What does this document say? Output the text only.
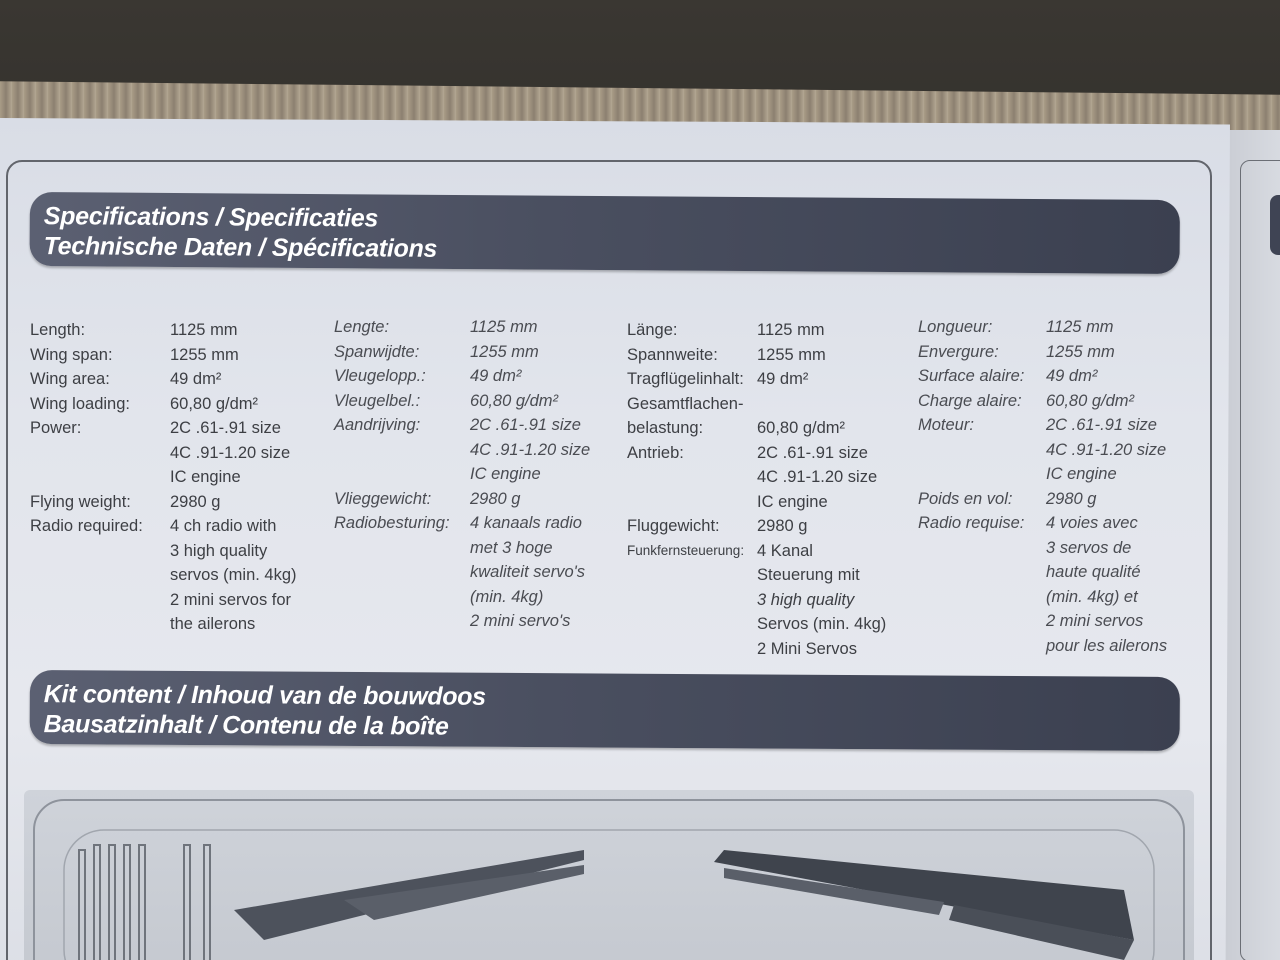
Specifications / Specificaties
Technische Daten / Spécifications
Length:	1125 mm
Wing span:	1255 mm
Wing area:	49 dm²
Wing loading: 60,80 g/dm²
Power:	2C .61-.91 size
4C .91-1.20 size
IC engine
Flying weight: 2980 g
Radio required: 4 ch radio with
3 high quality
servos (min. 4kg)
2 mini servos for
the ailerons
Lengte:	1125 mm
Spanwijdte:	1255 mm
Vleugelopp.:	49 dm²
Vleugelbel.:	60,80 g/dm²
Aandrijving:	2C .61-.91 size
4C .91-1.20 size
IC engine
Vlieggewicht: 2980 g
Radiobesturing: 4 kanaals radio
met 3 hoge
kwaliteit servo's
(min. 4kg)
2 mini servo's
Länge:	1125 mm
Spannweite: 1255 mm
Tragflügelinhalt: 49 dm²
Gesamtflachen-
belastung:	60,80 g/dm²
Antrieb:	2C .61-.91 size
4C .91-1.20 size
IC engine
Fluggewicht: 2980 g
Funkfernsteuerung: 4 Kanal
Steuerung mit
3 high quality
Servos (min. 4kg)
2 Mini Servos
Longueur:	1125 mm
Envergure:	1255 mm
Surface alaire: 49 dm²
Charge alaire: 60,80 g/dm²
Moteur:	2C .61-.91 size
4C .91-1.20 size
IC engine
Poids en vol: 2980 g
Radio requise: 4 voies avec
3 servos de
haute qualité
(min. 4kg) et
2 mini servos
pour les ailerons
Kit content / Inhoud van de bouwdoos
Bausatzinhalt / Contenu de la boîte
